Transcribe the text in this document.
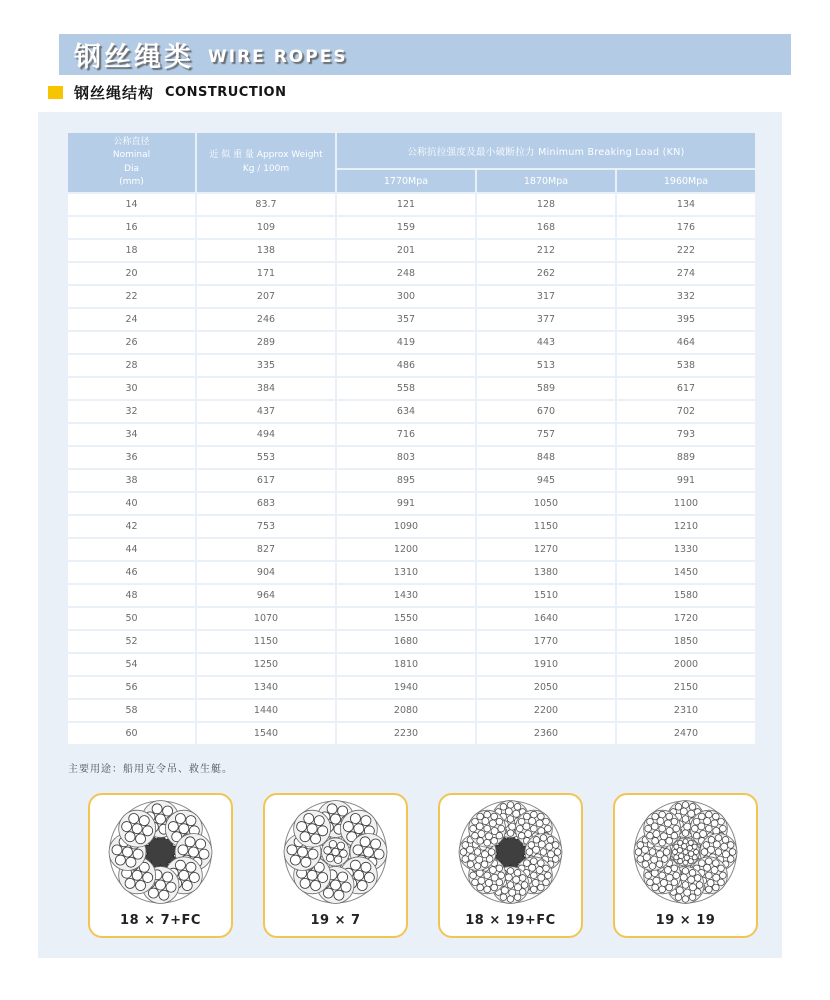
钢丝绳类 WIRE ROPES
钢丝绳结构 CONSTRUCTION
公称直径
Nominal
Dia
(mm)

近 似 重 量 Approx Weight
Kg / 100m
	公称抗拉强度及最小破断拉力 Minimum Breaking Load (KN)
		1770Mpa	1870Mpa	1960Mpa
14	83.7	121	128	134
16	109	159	168	176
18	138	201	212	222
20	171	248	262	274
22	207	300	317	332
24	246	357	377	395
26	289	419	443	464
28	335	486	513	538
30	384	558	589	617
32	437	634	670	702
34	494	716	757	793
36	553	803	848	889
38	617	895	945	991
40	683	991	1050	1100
42	753	1090	1150	1210
44	827	1200	1270	1330
46	904	1310	1380	1450
48	964	1430	1510	1580
50	1070	1550	1640	1720
52	1150	1680	1770	1850
54	1250	1810	1910	2000
56	1340	1940	2050	2150
58	1440	2080	2200	2310
60	1540	2230	2360	2470
主要用途：船用克令吊、救生艇。
18 × 7+FC	19 × 7	18 × 19+FC	19 × 19
